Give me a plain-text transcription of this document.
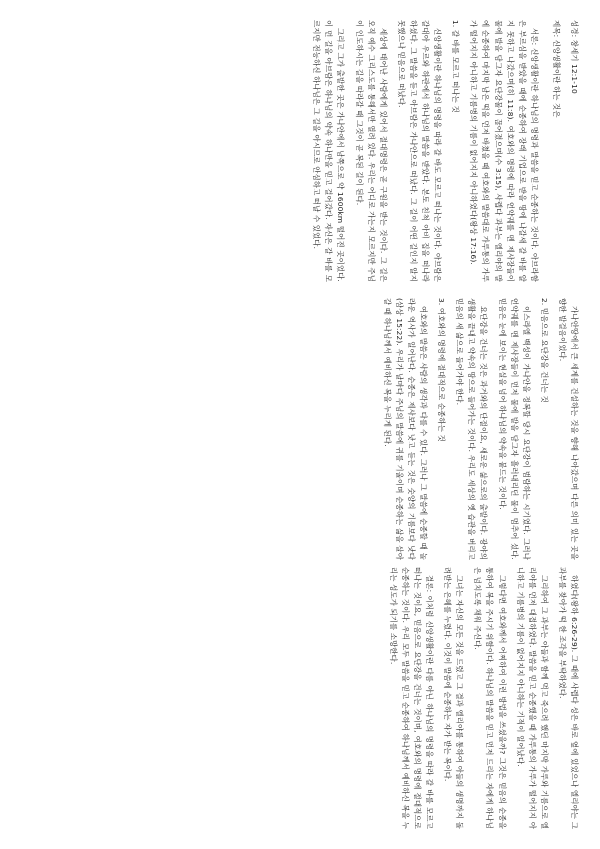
성경: 창세기 12:1-10
제목: 신앙생활이란 하는 것은

서론: 신앙생활이란 하나님의 명령과 말씀을 믿고 순종하는 것이다. 아브라함은 부르심을 받았을 때에 순종하여 장래 기업으로 받을 땅에 나갈새 갈 바를 알지 못하고 나갔으며(히 11:8). 여호와의 명령에 따라 언약궤를 멘 제사장들이 물에 발을 담그자 요단강물이 끊어졌으며(수 3:15), 사렙다 과부는 엘리야의 말에 순종하여 마지막 남은 떡을 먼저 바쳤을 때 여호와의 말씀대로 가루통의 가루가 떨어지지 아니하고 기름병의 기름이 없어지지 아니하였다(왕상 17:16).

1. 갈 바를 모르고 떠나는 것

신앙생활이란 하나님의 명령을 따라 갈 바도 모르고 떠나는 것이다. 아브람은 갈대아 우르와 하란에서 하나님의 말씀을 받았다. 본토 친척 아비 집을 떠나라 하셨다. 그 말씀을 듣고 아브람은 가나안으로 떠났다. 그 길이 어떤 길인지 알지 못했으나 믿음으로 떠났다.

세상에 태어난 사람에게 있어서 절대명령은 곧 구원을 받는 것이다. 그 길은 오직 예수 그리스도를 통해서만 열려 있다. 우리는 어디로 가는지 모르지만 주님이 인도하시는 길을 따라갈 때 그것이 곧 복된 길이 된다.

그리고 그가 출발한 곳은 가나안에서 남쪽으로 약 1600km 떨어진 곳이었다. 이 먼 길을 아브람은 하나님의 약속 하나만을 믿고 걸어갔다. 자신은 갈 바를 모르지만 전능하신 하나님은 그 길을 아시므로 안심하고 떠날 수 있었다.

가나안땅에서 큰 세계를 건설하는 것을 향해 나아갔으며 다른 의미 있는 곳을 향한 발걸음이었다.

2. 믿음으로 요단강을 건너는 것

이스라엘 백성이 가나안을 정복할 당시 요단강이 범람하는 시기였다. 그러나 언약궤를 멘 제사장들이 먼저 물에 발을 담그자 흘러내리던 물이 멈추어 섰다. 믿음은 눈에 보이는 현실을 넘어 하나님의 약속을 붙드는 것이다.

요단강을 건너는 것은 과거와의 단절이요, 새로운 삶으로의 출발이다. 광야의 생활을 끝내고 약속의 땅으로 들어가는 것이다. 우리도 세상의 옛 습관을 버리고 믿음의 새 삶으로 들어가야 한다.

3. 여호와의 명령에 절대적으로 순종하는 것

여호와의 말씀은 사람의 생각과 다를 수 있다. 그러나 그 말씀에 순종할 때 놀라운 역사가 일어난다. 순종은 제사보다 낫고 듣는 것은 숫양의 기름보다 낫다(삼상 15:22). 우리가 날마다 주님의 말씀에 귀를 기울이며 순종하는 삶을 살아갈 때 하나님께서 예비하신 복을 누리게 된다.

하였다(왕하 6:26-29). 그 때에 사렙다 성은 바로 옆에 있었으나 엘리야는 그 과부를 찾아가 떡 한 조각을 부탁하였다.

그리하여 그 과부는 아들과 함께 먹고 죽으려 했던 마지막 가루와 기름으로 엘리야를 먼저 대접하였다. 말씀을 믿고 순종했을 때 가루통의 가루가 떨어지지 아니하고 기름병의 기름이 없어지지 아니하는 기적이 일어났다.

그렇다면 여호와께서 어찌하여 이런 방법을 쓰셨을까? 그것은 믿음의 순종을 통하여 복을 주시기 위함이다. 하나님의 말씀을 믿고 먼저 드리는 자에게 하나님은 넘치도록 채워 주신다.

그녀는 자신의 모든 것을 드렸고 그 결과 엘리야를 통하여 아들의 생명까지 돌려받는 은혜를 누렸다. 이것이 말씀에 순종하는 자가 받는 복이다.

결론: 이처럼 신앙생활이란 다름 아닌 하나님의 명령을 따라 갈 바를 모르고 떠나는 것이요, 믿음으로 요단강을 건너는 것이며, 여호와의 명령에 절대적으로 순종하는 것이다. 우리 모두 말씀을 믿고 순종하여 하나님께서 예비하신 복을 누리는 성도가 되기를 소망한다.
